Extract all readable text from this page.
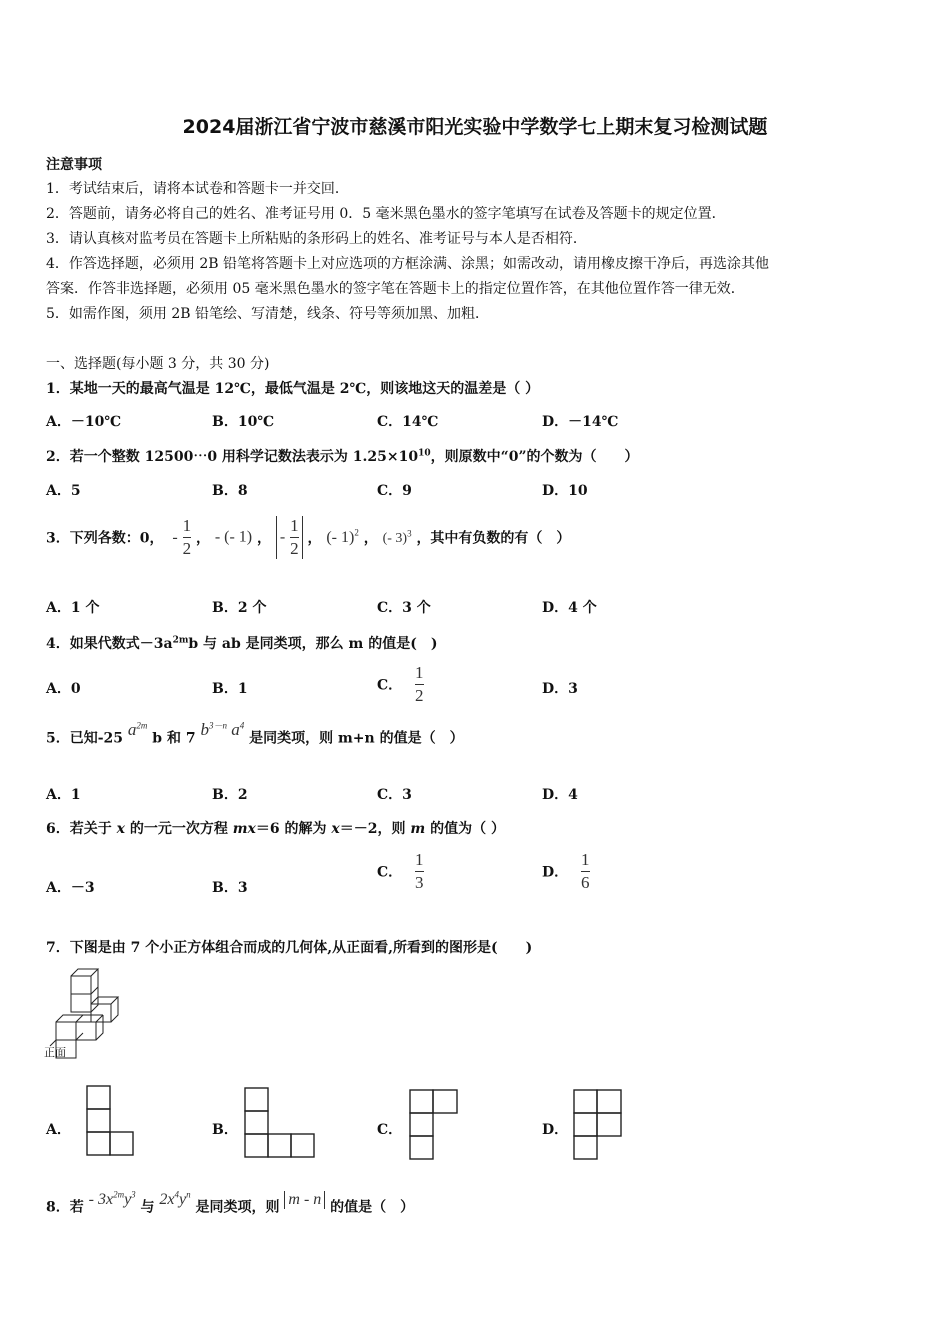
2024届浙江省宁波市慈溪市阳光实验中学数学七上期末复习检测试题
注意事项
1．考试结束后，请将本试卷和答题卡一并交回．
2．答题前，请务必将自己的姓名、准考证号用 0．5 毫米黑色墨水的签字笔填写在试卷及答题卡的规定位置．
3．请认真核对监考员在答题卡上所粘贴的条形码上的姓名、准考证号与本人是否相符．
4．作答选择题，必须用 2B 铅笔将答题卡上对应选项的方框涂满、涂黑；如需改动，请用橡皮擦干净后，再选涂其他
答案．作答非选择题，必须用 05 毫米黑色墨水的签字笔在答题卡上的指定位置作答，在其他位置作答一律无效．
5．如需作图，须用 2B 铅笔绘、写清楚，线条、符号等须加黑、加粗．
一、选择题(每小题 3 分，共 30 分)
1．某地一天的最高气温是 12℃，最低气温是 2℃，则该地这天的温差是（ ）
A．－10℃	B．10℃	C．14℃	D．－14℃
2．若一个整数 12500⋯0 用科学记数法表示为 $1.25\times 10^{10}$，则原数中“0”的个数为（　　）
A．5	B．8	C．9	D．10
3．下列各数：0， - $\frac{1}{2}$ ， - (- 1) ， - $\frac{1}{2}$ ， (- 1)$^2$ ， (- 3)$^3$ ，其中有负数的有（　）
A．1 个	B．2 个	C．3 个	D．4 个
4．如果代数式$-3a^{2m}b$ 与 ab 是同类项，那么 m 的值是(　)
A．0	B．1	C． $\frac{1}{2}$	D．3
5．已知-25 $a^{2m}$ b 和 7 $b^{3-n}$ $a^4$ 是同类项，则 m+n 的值是（　）
A．1	B．2	C．3	D．4
6．若关于 x 的一元一次方程 mx＝6 的解为 x＝－2，则 m 的值为（ ）
A．－3	B．3
C． $\frac{1}{3}$	D． $\frac{1}{6}$
7．下图是由 7 个小正方体组合而成的几何体,从正面看,所看到的图形是(　　)
正面
A．	B．	C．	D．
8．若 - $3x^{2m}y^3$ 与 $2x^4y^n$ 是同类项，则 m - n 的值是（　）
